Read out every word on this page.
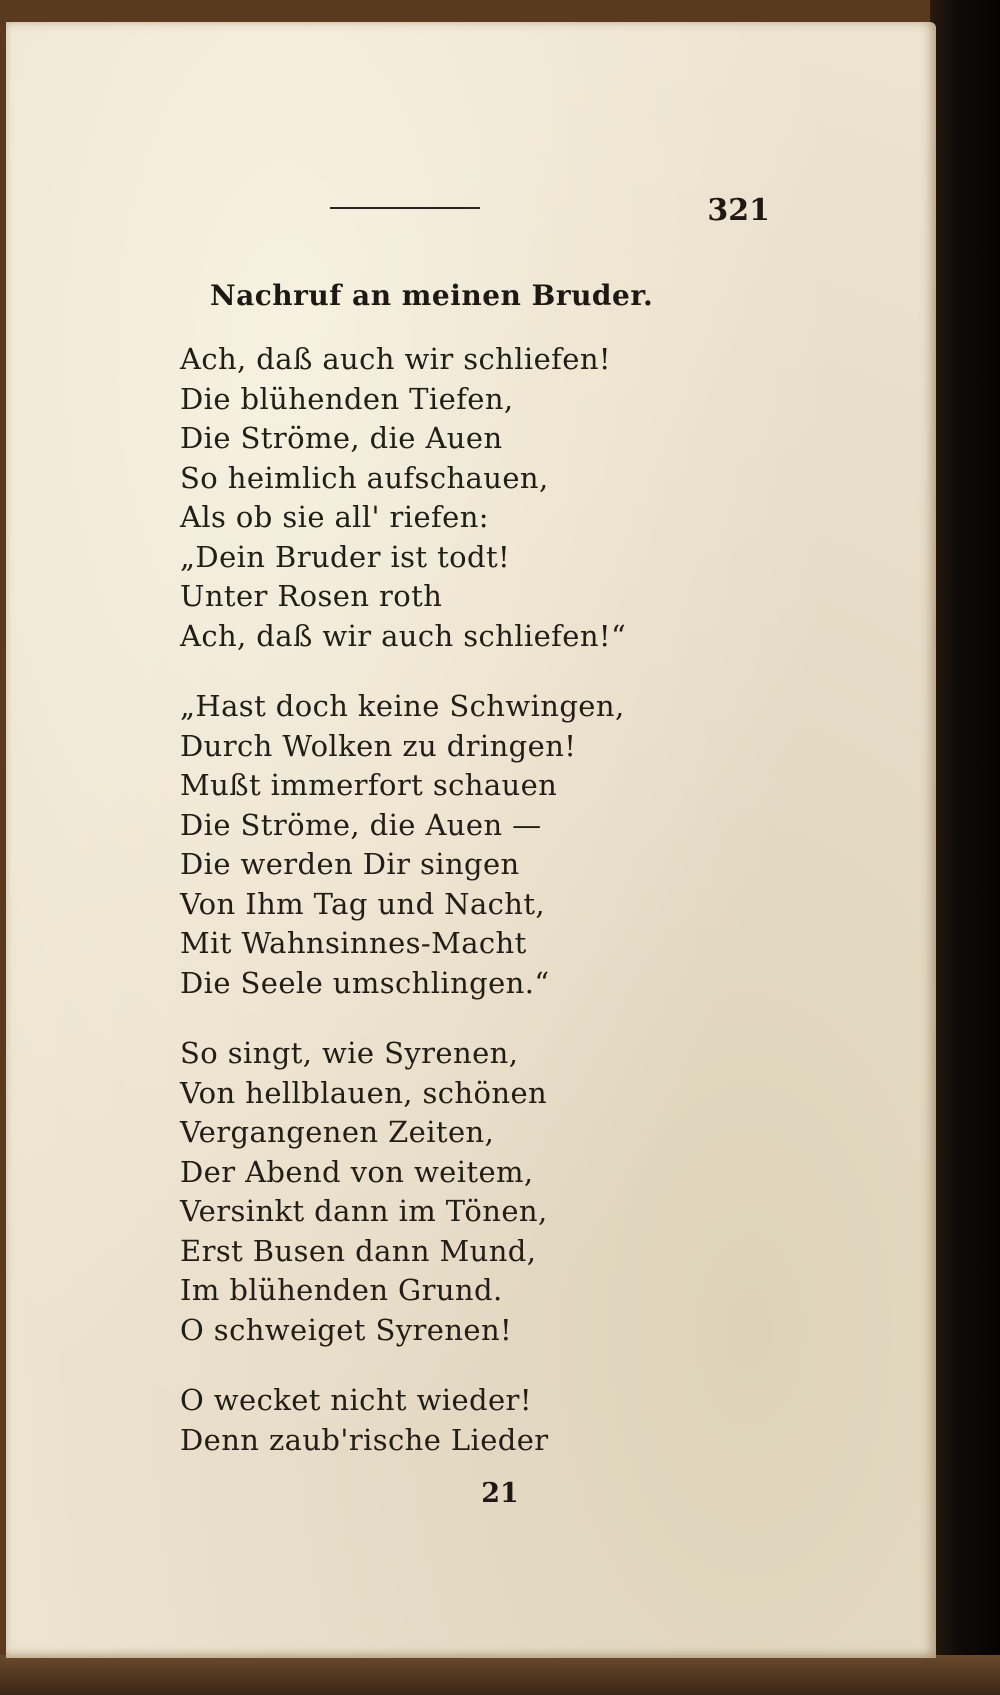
321
Nachruf an meinen Bruder.
Ach, daß auch wir schliefen!
Die blühenden Tiefen,
Die Ströme, die Auen
So heimlich aufschauen,
Als ob sie all' riefen:
„Dein Bruder ist todt!
Unter Rosen roth
Ach, daß wir auch schliefen!“
„Hast doch keine Schwingen,
Durch Wolken zu dringen!
Mußt immerfort schauen
Die Ströme, die Auen —
Die werden Dir singen
Von Ihm Tag und Nacht,
Mit Wahnsinnes-Macht
Die Seele umschlingen.“
So singt, wie Syrenen,
Von hellblauen, schönen
Vergangenen Zeiten,
Der Abend von weitem,
Versinkt dann im Tönen,
Erst Busen dann Mund,
Im blühenden Grund.
O schweiget Syrenen!
O wecket nicht wieder!
Denn zaub'rische Lieder
21
